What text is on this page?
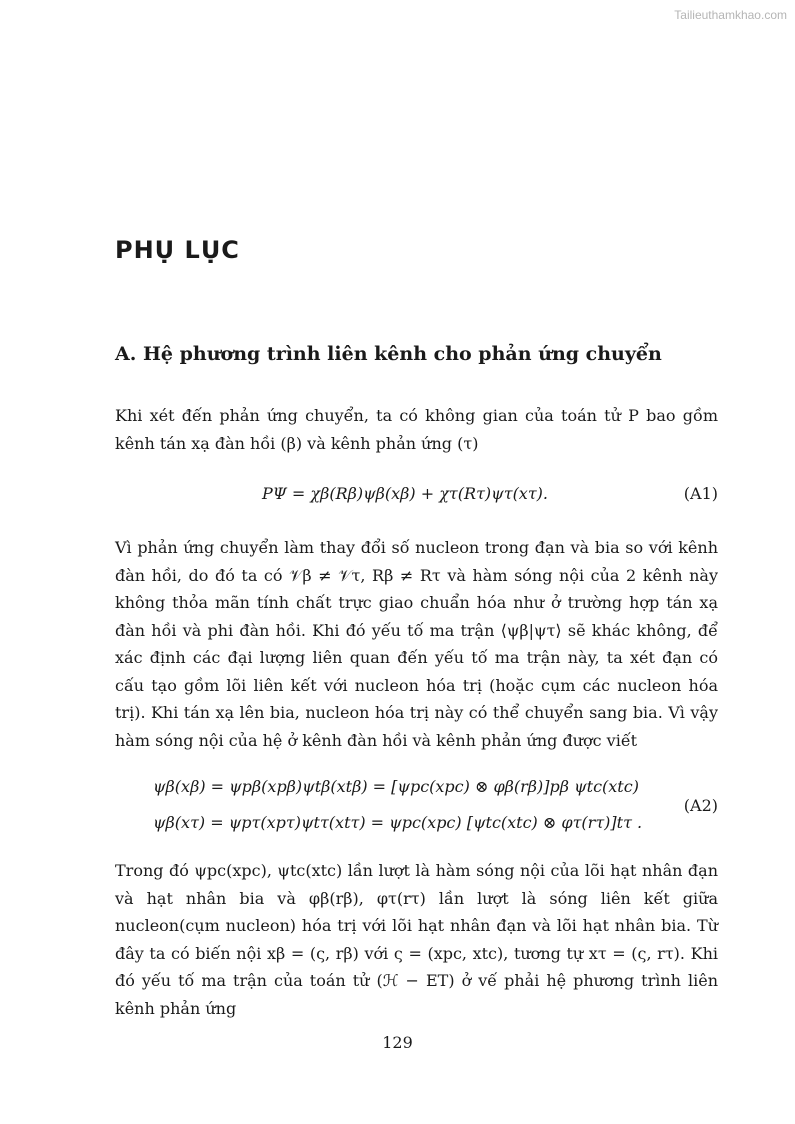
Tailieuthamkhao.com
PHỤ LỤC
A. Hệ phương trình liên kênh cho phản ứng chuyển
Khi xét đến phản ứng chuyển, ta có không gian của toán tử P bao gồm kênh tán xạ đàn hồi (β) và kênh phản ứng (τ)
PΨ = χβ(Rβ)ψβ(xβ) + χτ(Rτ)ψτ(xτ).	(A1)
Vì phản ứng chuyển làm thay đổi số nucleon trong đạn và bia so với kênh đàn hồi, do đó ta có 𝒱β ≠ 𝒱τ, Rβ ≠ Rτ và hàm sóng nội của 2 kênh này không thỏa mãn tính chất trực giao chuẩn hóa như ở trường hợp tán xạ đàn hồi và phi đàn hồi. Khi đó yếu tố ma trận ⟨ψβ|ψτ⟩ sẽ khác không, để xác định các đại lượng liên quan đến yếu tố ma trận này, ta xét đạn có cấu tạo gồm lõi liên kết với nucleon hóa trị (hoặc cụm các nucleon hóa trị). Khi tán xạ lên bia, nucleon hóa trị này có thể chuyển sang bia. Vì vậy hàm sóng nội của hệ ở kênh đàn hồi và kênh phản ứng được viết
ψβ(xβ) = ψpβ(xpβ)ψtβ(xtβ) = [ψpc(xpc) ⊗ φβ(rβ)]pβ ψtc(xtc)
ψβ(xτ) = ψpτ(xpτ)ψtτ(xtτ) = ψpc(xpc) [ψtc(xtc) ⊗ φτ(rτ)]tτ .
(A2)
Trong đó ψpc(xpc), ψtc(xtc) lần lượt là hàm sóng nội của lõi hạt nhân đạn và hạt nhân bia và φβ(rβ), φτ(rτ) lần lượt là sóng liên kết giữa nucleon(cụm nucleon) hóa trị với lõi hạt nhân đạn và lõi hạt nhân bia. Từ đây ta có biến nội xβ = (ς, rβ) với ς = (xpc, xtc), tương tự xτ = (ς, rτ). Khi đó yếu tố ma trận của toán tử (ℋ − ET) ở vế phải hệ phương trình liên kênh phản ứng
129
